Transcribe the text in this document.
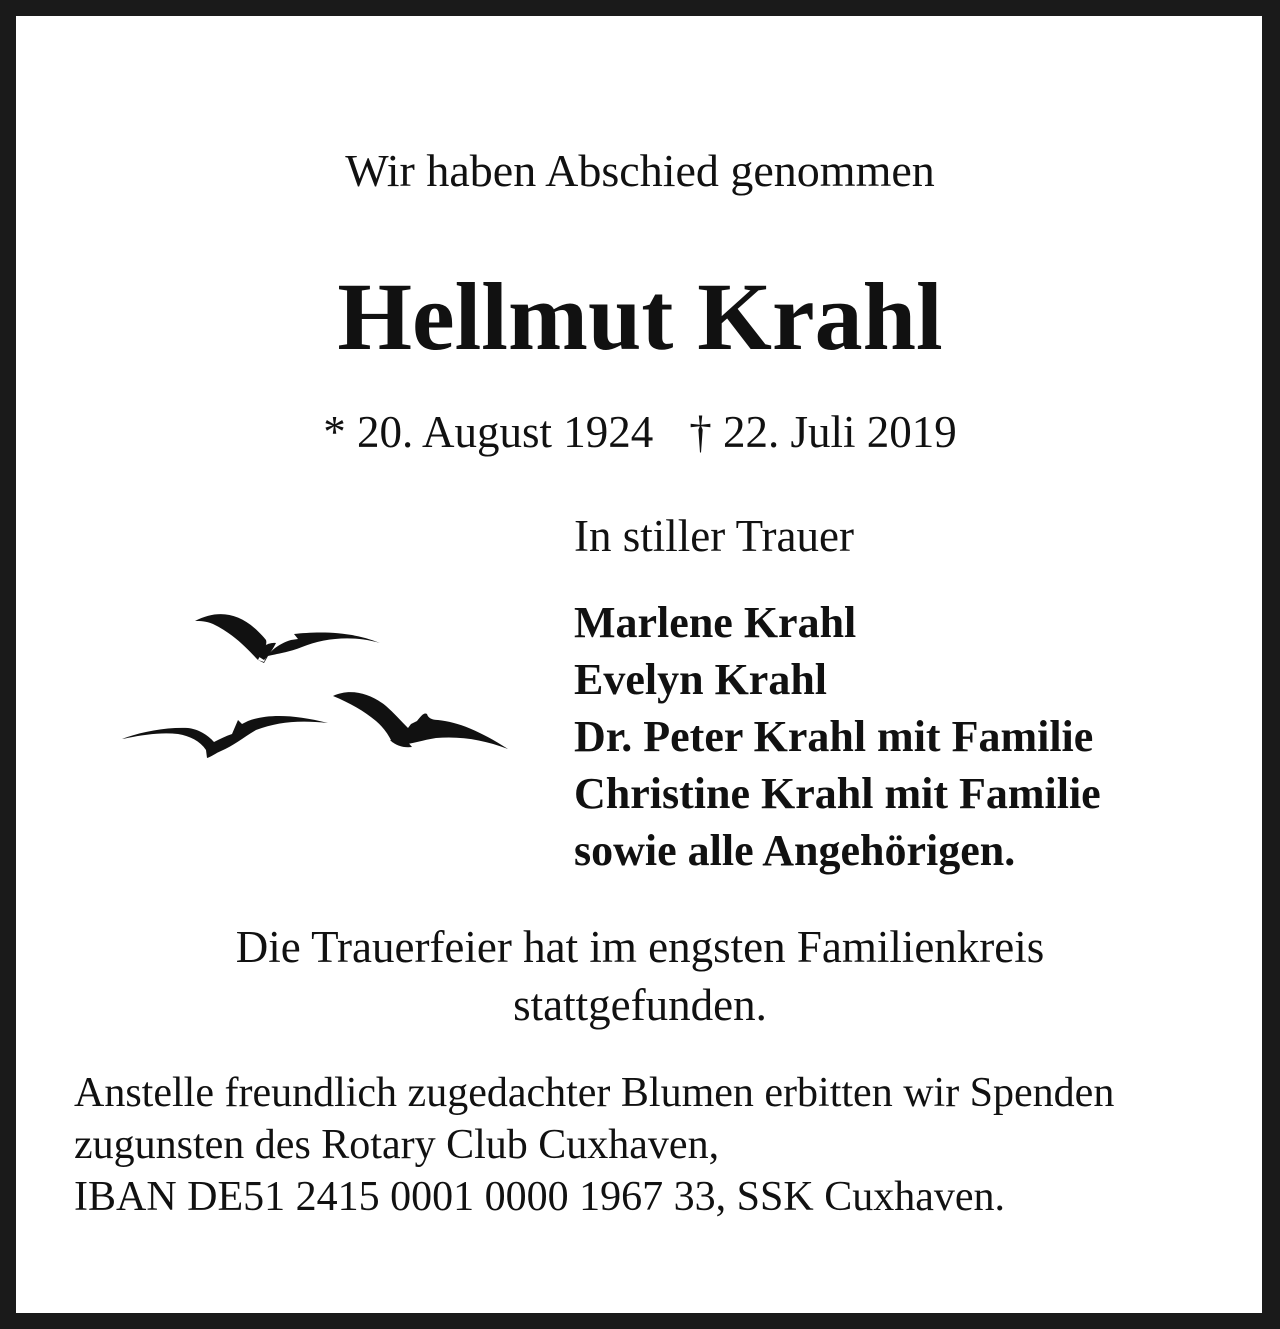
Wir haben Abschied genommen

Hellmut Krahl

* 20. August 1924 † 22. Juli 2019

In stiller Trauer

Marlene Krahl
Evelyn Krahl
Dr. Peter Krahl mit Familie
Christine Krahl mit Familie
sowie alle Angehörigen.

Die Trauerfeier hat im engsten Familienkreis

stattgefunden.

Anstelle freundlich zugedachter Blumen erbitten wir Spenden
zugunsten des Rotary Club Cuxhaven,
IBAN DE51 2415 0001 0000 1967 33, SSK Cuxhaven.
